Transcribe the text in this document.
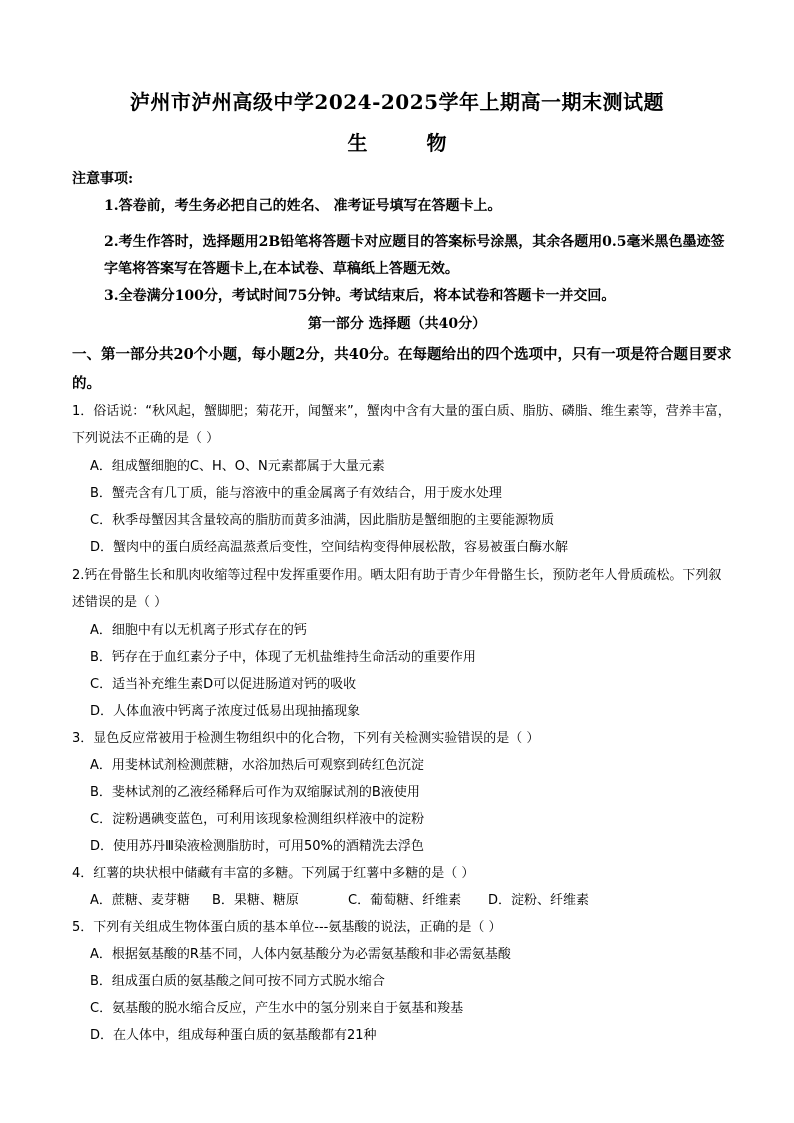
泸州市泸州高级中学2024-2025学年上期高一期末测试题
生 物
注意事项:
1.答卷前，考生务必把自己的姓名、 准考证号填写在答题卡上。
2.考生作答时，选择题用2B铅笔将答题卡对应题目的答案标号涂黑，其余各题用0.5毫米黑色墨迹签字笔将答案写在答题卡上,在本试卷、草稿纸上答题无效。
3.全卷满分100分，考试时间75分钟。考试结束后，将本试卷和答题卡一并交回。
第一部分 选择题（共40分）
一、第一部分共20个小题，每小题2分，共40分。在每题给出的四个选项中，只有一项是符合题目要求的。
1．俗话说：“秋风起，蟹脚肥；菊花开，闻蟹来”，蟹肉中含有大量的蛋白质、脂肪、磷脂、维生素等，营养丰富，下列说法不正确的是（ ）
A．组成蟹细胞的C、H、O、N元素都属于大量元素
B．蟹壳含有几丁质，能与溶液中的重金属离子有效结合，用于废水处理
C．秋季母蟹因其含量较高的脂肪而黄多油满，因此脂肪是蟹细胞的主要能源物质
D．蟹肉中的蛋白质经高温蒸煮后变性，空间结构变得伸展松散，容易被蛋白酶水解
2.钙在骨骼生长和肌肉收缩等过程中发挥重要作用。晒太阳有助于青少年骨骼生长，预防老年人骨质疏松。下列叙述错误的是（ ）
A．细胞中有以无机离子形式存在的钙
B．钙存在于血红素分子中，体现了无机盐维持生命活动的重要作用
C．适当补充维生素D可以促进肠道对钙的吸收
D．人体血液中钙离子浓度过低易出现抽搐现象
3．显色反应常被用于检测生物组织中的化合物，下列有关检测实验错误的是（ ）
A．用斐林试剂检测蔗糖，水浴加热后可观察到砖红色沉淀
B．斐林试剂的乙液经稀释后可作为双缩脲试剂的B液使用
C．淀粉遇碘变蓝色，可利用该现象检测组织样液中的淀粉
D．使用苏丹Ⅲ染液检测脂肪时，可用50%的酒精洗去浮色
4．红薯的块状根中储藏有丰富的多糖。下列属于红薯中多糖的是（ ）
A．蔗糖、麦芽糖 B．果糖、糖原	C．葡萄糖、纤维素 D．淀粉、纤维素
5．下列有关组成生物体蛋白质的基本单位---氨基酸的说法，正确的是（ ）
A．根据氨基酸的R基不同，人体内氨基酸分为必需氨基酸和非必需氨基酸
B．组成蛋白质的氨基酸之间可按不同方式脱水缩合
C．氨基酸的脱水缩合反应，产生水中的氢分别来自于氨基和羧基
D．在人体中，组成每种蛋白质的氨基酸都有21种
